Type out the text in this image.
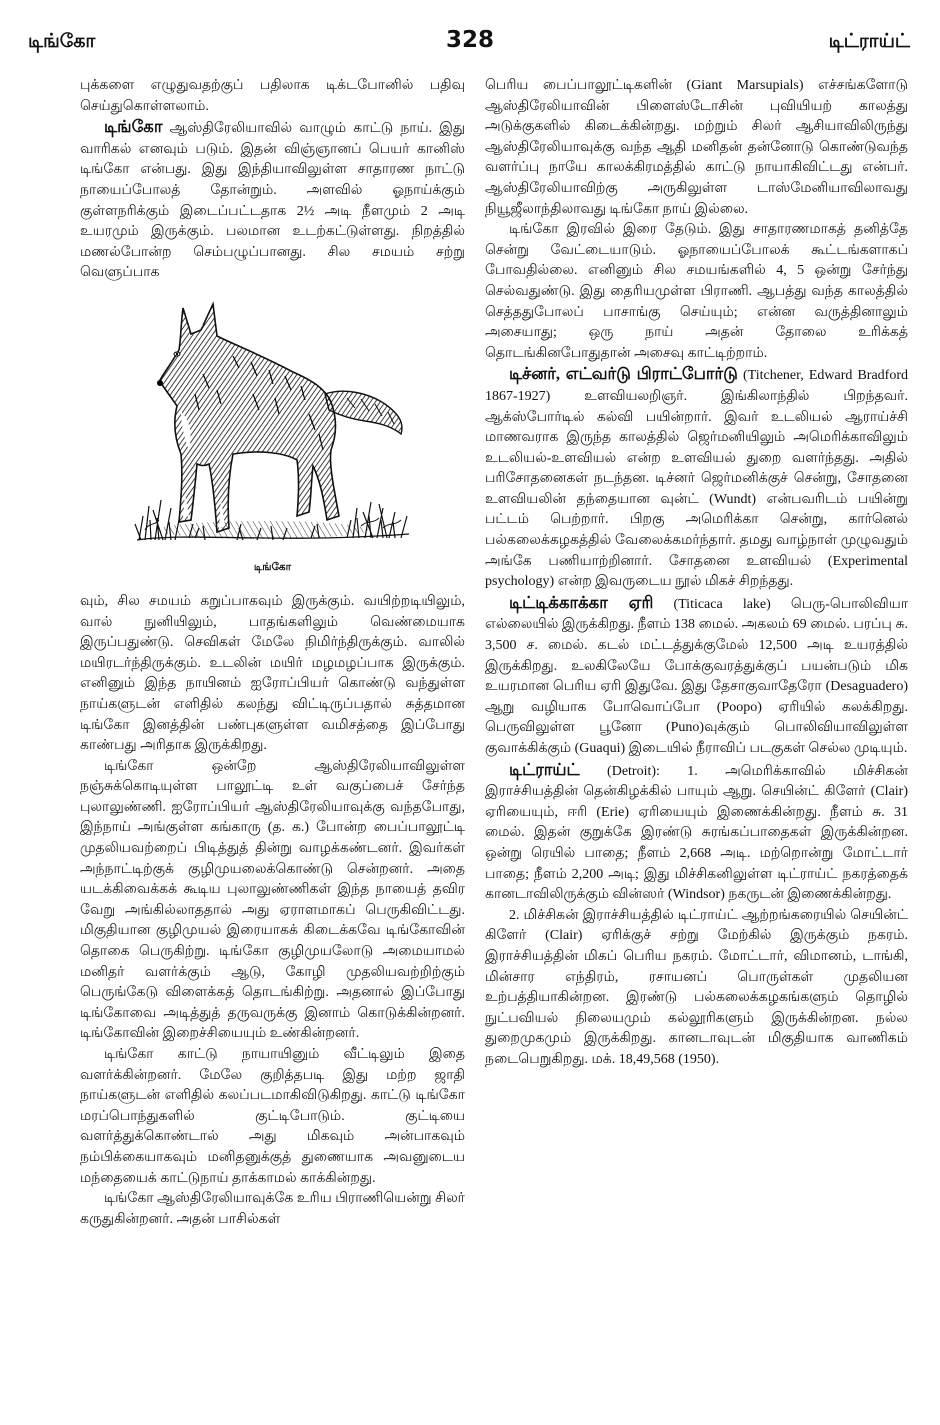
டிங்கோ	328	டிட்ராய்ட்

புக்களை எழுதுவதற்குப் பதிலாக டிக்டபோனில் பதிவு செய்துகொள்ளலாம்.

டிங்கோ ஆஸ்திரேலியாவில் வாழும் காட்டு நாய். இது வாரிகல் எனவும் படும். இதன் விஞ்ஞானப் பெயர் கானிஸ் டிங்கோ என்பது. இது இந்தியாவிலுள்ள சாதாரண நாட்டு நாயைப்போலத் தோன்றும். அளவில் ஓநாய்க்கும் குள்ளநரிக்கும் இடைப்பட்டதாக 2½ அடி நீளமும் 2 அடி உயரமும் இருக்கும். பலமான உடற்கட்டுள்ளது. நிறத்தில் மணல்போன்ற செம்பழுப்பானது. சில சமயம் சற்று வெளுப்பாக

டிங்கோ

வும், சில சமயம் கறுப்பாகவும் இருக்கும். வயிற்றடியிலும், வால் நுனியிலும், பாதங்களிலும் வெண்மையாக இருப்பதுண்டு. செவிகள் மேலே நிமிர்ந்திருக்கும். வாலில் மயிரடர்ந்திருக்கும். உடலின் மயிர் மழமழப்பாக இருக்கும். எனினும் இந்த நாயினம் ஐரோப்பியர் கொண்டு வந்துள்ள நாய்களுடன் எளிதில் கலந்து விட்டிருப்பதால் சுத்தமான டிங்கோ இனத்தின் பண்புகளுள்ள வமிசத்தை இப்போது காண்பது அரிதாக இருக்கிறது.

டிங்கோ ஒன்றே ஆஸ்திரேலியாவிலுள்ள நஞ்சுக்கொடியுள்ள பாலூட்டி உள் வகுப்பைச் சேர்ந்த புலாலுண்ணி. ஐரோப்பியர் ஆஸ்திரேலியாவுக்கு வந்தபோது, இந்நாய் அங்குள்ள கங்காரு (த. க.) போன்ற பைப்பாலூட்டி முதலியவற்றைப் பிடித்துத் தின்று வாழக்கண்டனர். இவர்கள் அந்நாட்டிற்குக் குழிமுயலைக்கொண்டு சென்றனர். அதை யடக்கிவைக்கக் கூடிய புலாலுண்ணிகள் இந்த நாயைத் தவிர வேறு அங்கில்லாததால் அது ஏராளமாகப் பெருகிவிட்டது. மிகுதியான குழிமுயல் இரையாகக் கிடைக்கவே டிங்கோவின் தொகை பெருகிற்று. டிங்கோ குழிமுயலோடு அமையாமல் மனிதர் வளர்க்கும் ஆடு, கோழி முதலியவற்றிற்கும் பெருங்கேடு விளைக்கத் தொடங்கிற்று. அதனால் இப்போது டிங்கோவை அடித்துத் தருவருக்கு இனாம் கொடுக்கின்றனர். டிங்கோவின் இறைச்சியையும் உண்கின்றனர்.

டிங்கோ காட்டு நாயாயினும் வீட்டிலும் இதை வளர்க்கின்றனர். மேலே குறித்தபடி இது மற்ற ஜாதி நாய்களுடன் எளிதில் கலப்படமாகிவிடுகிறது. காட்டு டிங்கோ மரப்பொந்துகளில் குட்டிபோடும். குட்டியை வளர்த்துக்கொண்டால் அது மிகவும் அன்பாகவும் நம்பிக்கையாகவும் மனிதனுக்குத் துணையாக அவனுடைய மந்தையைக் காட்டுநாய் தாக்காமல் காக்கின்றது.

டிங்கோ ஆஸ்திரேலியாவுக்கே உரிய பிராணியென்று சிலர் கருதுகின்றனர். அதன் பாசில்கள்

பெரிய பைப்பாலூட்டிகளின் (Giant Marsupials) எச்சங்களோடு ஆஸ்திரேலியாவின் பிளைஸ்டோசின் புவியியற் காலத்து அடுக்குகளில் கிடைக்கின்றது. மற்றும் சிலர் ஆசியாவிலிருந்து ஆஸ்திரேலியாவுக்கு வந்த ஆதி மனிதன் தன்னோடு கொண்டுவந்த வளர்ப்பு நாயே காலக்கிரமத்தில் காட்டு நாயாகிவிட்டது என்பர். ஆஸ்திரேலியாவிற்கு அருகிலுள்ள டாஸ்மேனியாவிலாவது நியூஜீலாந்திலாவது டிங்கோ நாய் இல்லை.

டிங்கோ இரவில் இரை தேடும். இது சாதாரணமாகத் தனித்தே சென்று வேட்டையாடும். ஓநாயைப்போலக் கூட்டங்களாகப் போவதில்லை. எனினும் சில சமயங்களில் 4, 5 ஒன்று சேர்ந்து செல்வதுண்டு. இது தைரியமுள்ள பிராணி. ஆபத்து வந்த காலத்தில் செத்ததுபோலப் பாசாங்கு செய்யும்; என்ன வருத்தினாலும் அசையாது; ஒரு நாய் அதன் தோலை உரிக்கத் தொடங்கினபோதுதான் அசைவு காட்டிற்றாம்.

டிச்னர், எட்வர்டு பிராட்போர்டு (Titchener, Edward Bradford 1867-1927) உளவியலறிஞர். இங்கிலாந்தில் பிறந்தவர். ஆக்ஸ்போர்டில் கல்வி பயின்றார். இவர் உடலியல் ஆராய்ச்சி மாணவராக இருந்த காலத்தில் ஜெர்மனியிலும் அமெரிக்காவிலும் உடலியல்-உளவியல் என்ற உளவியல் துறை வளர்ந்தது. அதில் பரிசோதனைகள் நடந்தன. டிச்னர் ஜெர்மனிக்குச் சென்று, சோதனை உளவியலின் தந்தையான வுன்ட் (Wundt) என்பவரிடம் பயின்று பட்டம் பெற்றார். பிறகு அமெரிக்கா சென்று, கார்னெல் பல்கலைக்கழகத்தில் வேலைக்கமர்ந்தார். தமது வாழ்நாள் முழுவதும் அங்கே பணியாற்றினார். சோதனை உளவியல் (Experimental psychology) என்ற இவருடைய நூல் மிகச் சிறந்தது.

டிட்டிக்காக்கா ஏரி (Titicaca lake) பெரு-பொலிவியா எல்லையில் இருக்கிறது. நீளம் 138 மைல். அகலம் 69 மைல். பரப்பு சு. 3,500 ச. மைல். கடல் மட்டத்துக்குமேல் 12,500 அடி உயரத்தில் இருக்கிறது. உலகிலேயே போக்குவரத்துக்குப் பயன்படும் மிக உயரமான பெரிய ஏரி இதுவே. இது தேசாகுவாதேரோ (Desaguadero) ஆறு வழியாக போவொப்போ (Poopo) ஏரியில் கலக்கிறது. பெருவிலுள்ள பூனோ (Puno)வுக்கும் பொலிவியாவிலுள்ள குவாக்கிக்கும் (Guaqui) இடையில் நீராவிப் படகுகள் செல்ல முடியும்.

டிட்ராய்ட் (Detroit): 1. அமெரிக்காவில் மிச்சிகன் இராச்சியத்தின் தென்கிழக்கில் பாயும் ஆறு. செயின்ட் கிளேர் (Clair) ஏரியையும், ஈரி (Erie) ஏரியையும் இணைக்கின்றது. நீளம் சு. 31 மைல். இதன் குறுக்கே இரண்டு சுரங்கப்பாதைகள் இருக்கின்றன. ஒன்று ரெயில் பாதை; நீளம் 2,668 அடி. மற்றொன்று மோட்டார் பாதை; நீளம் 2,200 அடி; இது மிச்சிகனிலுள்ள டிட்ராய்ட் நகரத்தைக் கானடாவிலிருக்கும் வின்ஸர் (Windsor) நகருடன் இணைக்கின்றது.

2. மிச்சிகன் இராச்சியத்தில் டிட்ராய்ட் ஆற்றங்கரையில் செயின்ட் கிளேர் (Clair) ஏரிக்குச் சற்று மேற்கில் இருக்கும் நகரம். இராச்சியத்தின் மிகப் பெரிய நகரம். மோட்டார், விமானம், டாங்கி, மின்சார எந்திரம், ரசாயனப் பொருள்கள் முதலியன உற்பத்தியாகின்றன. இரண்டு பல்கலைக்கழகங்களும் தொழில் நுட்பவியல் நிலையமும் கல்லூரிகளும் இருக்கின்றன. நல்ல துறைமுகமும் இருக்கிறது. கானடாவுடன் மிகுதியாக வாணிகம் நடைபெறுகிறது. மக். 18,49,568 (1950).
